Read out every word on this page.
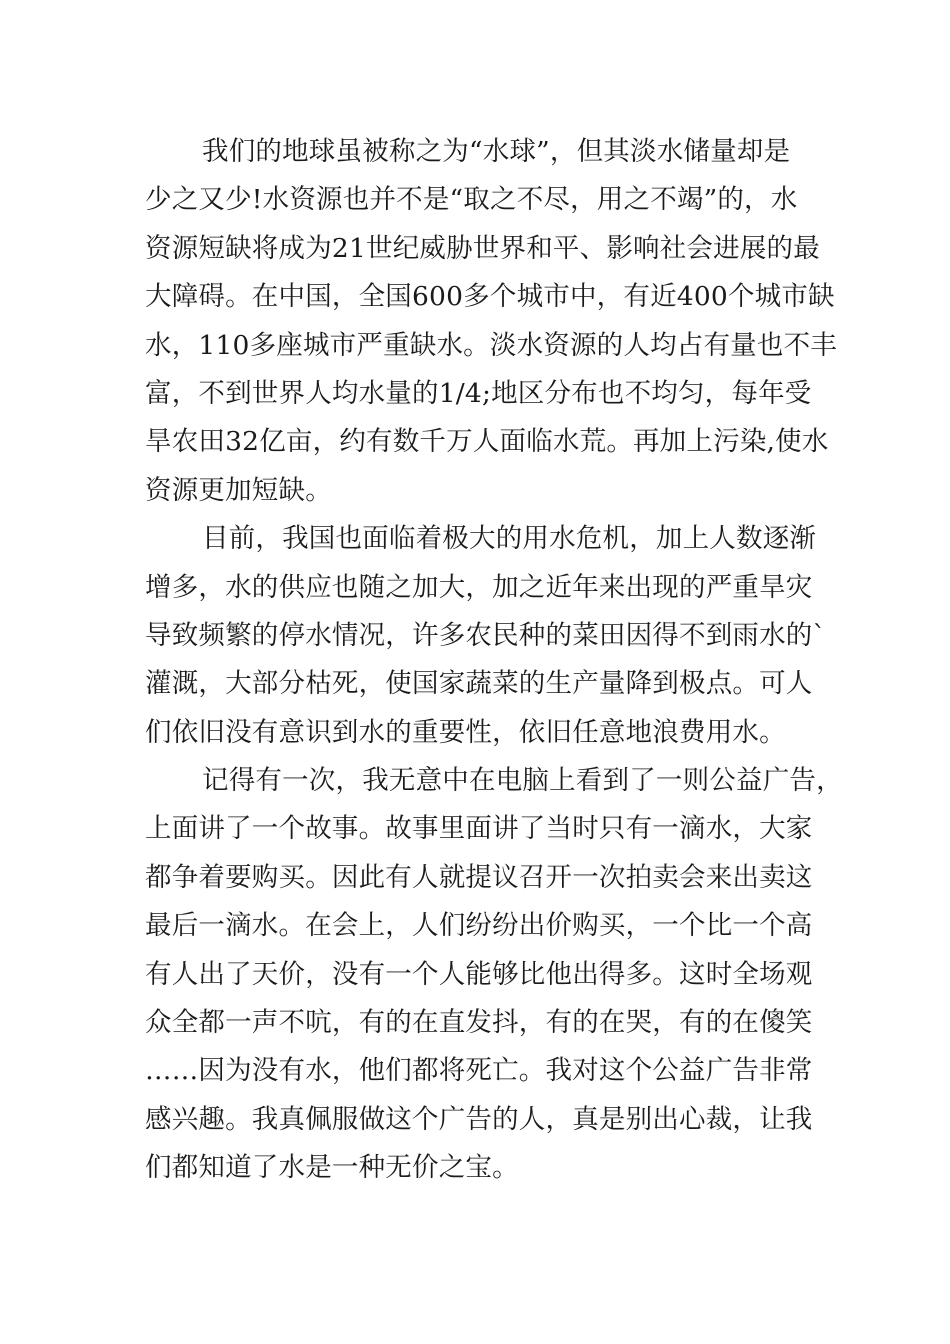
我们的地球虽被称之为“水球”，但其淡水储量却是
少之又少!水资源也并不是“取之不尽，用之不竭”的，水
资源短缺将成为21世纪威胁世界和平、影响社会进展的最
大障碍。在中国，全国600多个城市中，有近400个城市缺
水，110多座城市严重缺水。淡水资源的人均占有量也不丰
富，不到世界人均水量的1/4;地区分布也不均匀，每年受
旱农田32亿亩，约有数千万人面临水荒。再加上污染,使水
资源更加短缺。
目前，我国也面临着极大的用水危机，加上人数逐渐
增多，水的供应也随之加大，加之近年来出现的严重旱灾
导致频繁的停水情况，许多农民种的菜田因得不到雨水的`
灌溉，大部分枯死，使国家蔬菜的生产量降到极点。可人
们依旧没有意识到水的重要性，依旧任意地浪费用水。
记得有一次，我无意中在电脑上看到了一则公益广告，
上面讲了一个故事。故事里面讲了当时只有一滴水，大家
都争着要购买。因此有人就提议召开一次拍卖会来出卖这
最后一滴水。在会上，人们纷纷出价购买，一个比一个高
有人出了天价，没有一个人能够比他出得多。这时全场观
众全都一声不吭，有的在直发抖，有的在哭，有的在傻笑
……因为没有水，他们都将死亡。我对这个公益广告非常
感兴趣。我真佩服做这个广告的人，真是别出心裁，让我
们都知道了水是一种无价之宝。
